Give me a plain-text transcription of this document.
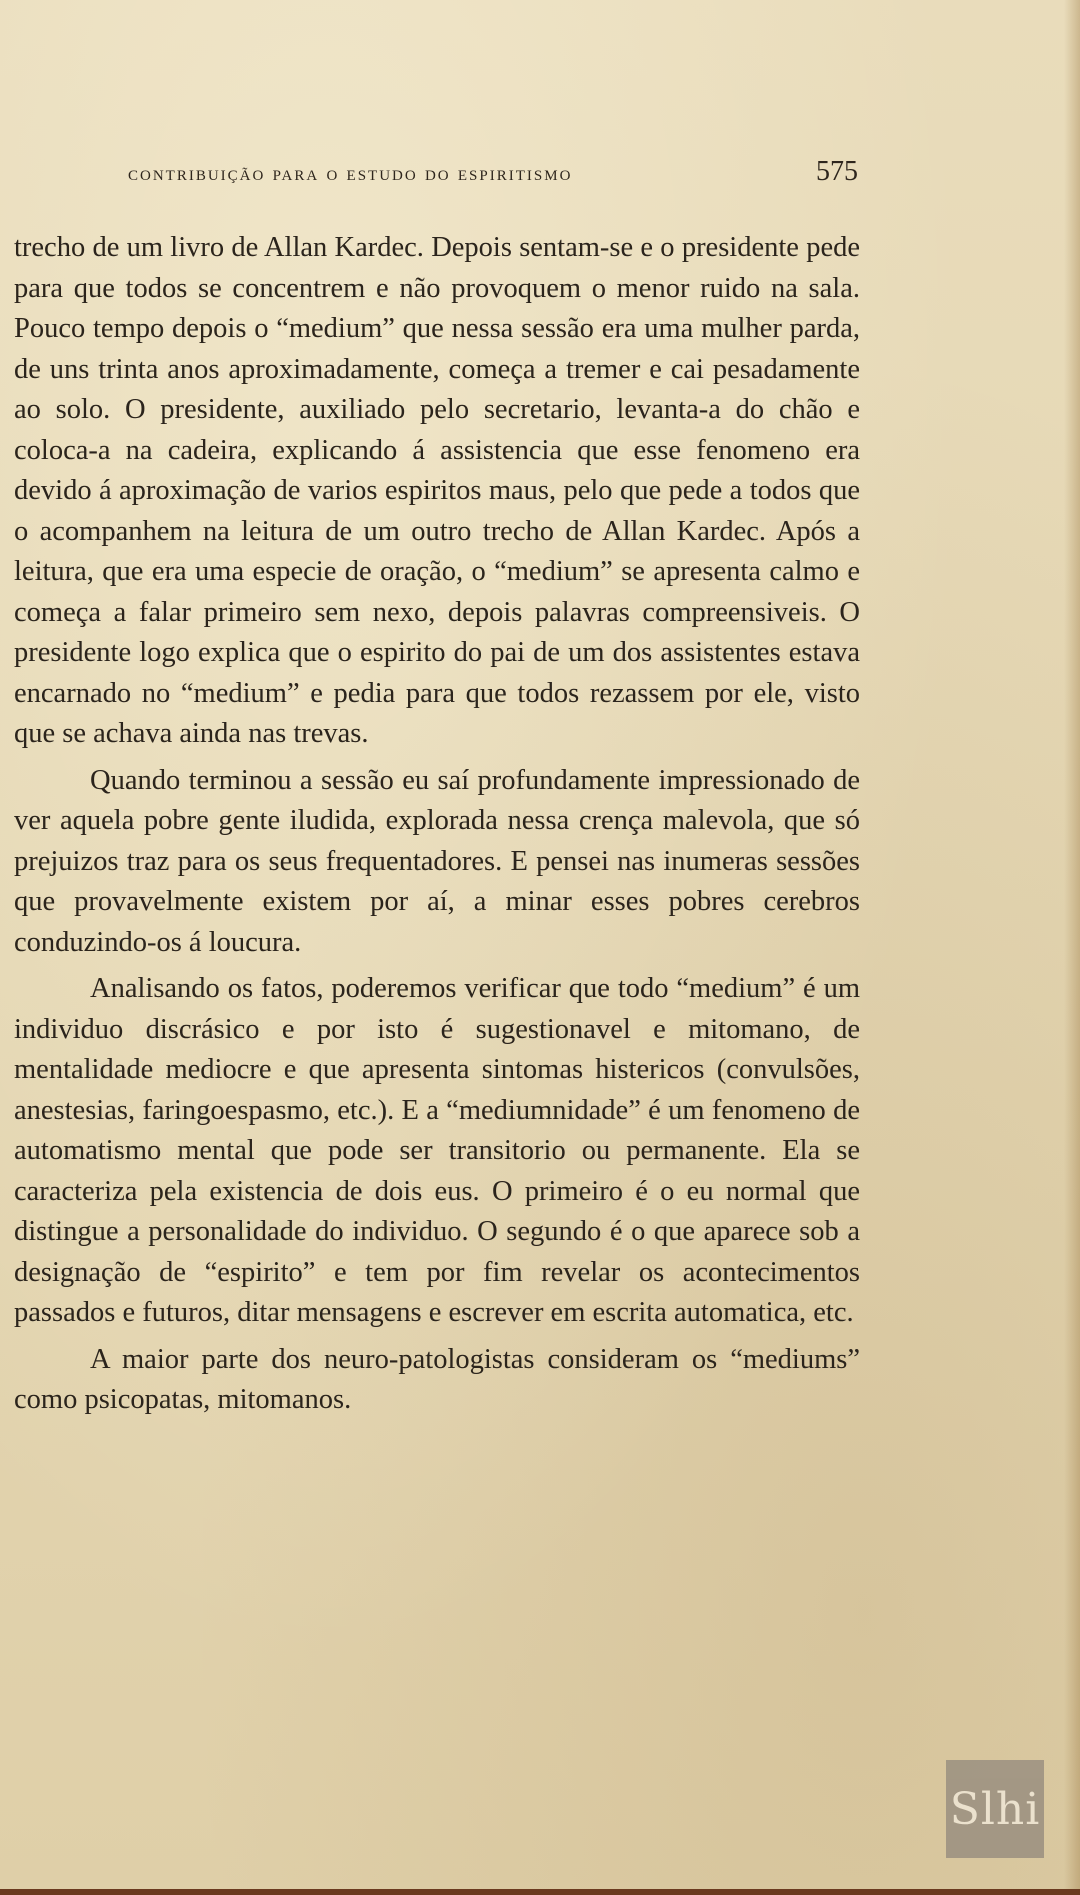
contribuição para o estudo do espiritismo	575

trecho de um livro de Allan Kardec. Depois sentam-se e o presidente pede para que todos se concentrem e não provoquem o menor ruido na sala. Pouco tempo depois o “medium” que nessa sessão era uma mulher parda, de uns trinta anos aproximadamente, começa a tremer e cai pesadamente ao solo. O presidente, auxiliado pelo secretario, levanta-a do chão e coloca-a na cadeira, explicando á assistencia que esse fenomeno era devido á aproximação de varios espiritos maus, pelo que pede a todos que o acompanhem na leitura de um outro trecho de Allan Kardec. Após a leitura, que era uma especie de oração, o “medium” se apresenta calmo e começa a falar primeiro sem nexo, depois palavras compreensiveis. O presidente logo explica que o espirito do pai de um dos assistentes estava encarnado no “medium” e pedia para que todos rezassem por ele, visto que se achava ainda nas trevas.

Quando terminou a sessão eu saí profundamente impressionado de ver aquela pobre gente iludida, explorada nessa crença malevola, que só prejuizos traz para os seus frequentadores. E pensei nas inumeras sessões que provavelmente existem por aí, a minar esses pobres cerebros conduzindo-os á loucura.

Analisando os fatos, poderemos verificar que todo “medium” é um individuo discrásico e por isto é sugestionavel e mitomano, de mentalidade mediocre e que apresenta sintomas histericos (convulsões, anestesias, faringoespasmo, etc.). E a “mediumnidade” é um fenomeno de automatismo mental que pode ser transitorio ou permanente. Ela se caracteriza pela existencia de dois eus. O primeiro é o eu normal que distingue a personalidade do individuo. O segundo é o que aparece sob a designação de “espirito” e tem por fim revelar os acontecimentos passados e futuros, ditar mensagens e escrever em escrita automatica, etc.

A maior parte dos neuro-patologistas consideram os “mediums” como psicopatas, mitomanos.

Slhi
